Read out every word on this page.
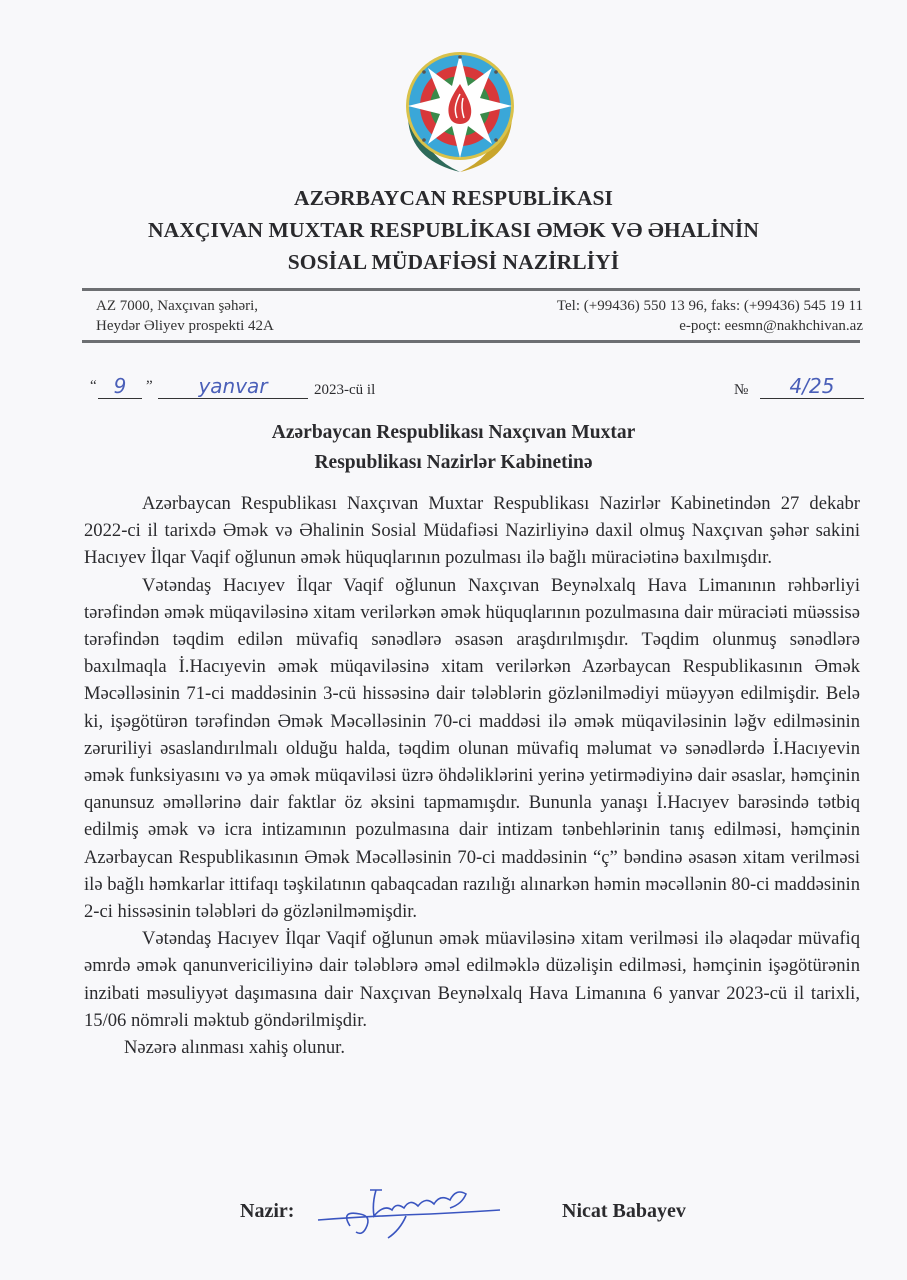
AZƏRBAYCAN RESPUBLİKASI
NAXÇIVAN MUXTAR RESPUBLİKASI ƏMƏK VƏ ƏHALİNİN
SOSİAL MÜDAFİƏSİ NAZİRLİYİ
AZ 7000, Naxçıvan şəhəri,
Heydər Əliyev prospekti 42A
Tel: (+99436) 550 13 96, faks: (+99436) 545 19 11
e-poçt: eesmn@nakhchivan.az
“ 9	”	yanvar	2023-cü il	№	4/25
Azərbaycan Respublikası Naxçıvan Muxtar
Respublikası Nazirlər Kabinetinə

Azərbaycan Respublikası Naxçıvan Muxtar Respublikası Nazirlər Kabinetindən 27 dekabr 2022-ci il tarixdə Əmək və Əhalinin Sosial Müdafiəsi Nazirliyinə daxil olmuş Naxçıvan şəhər sakini Hacıyev İlqar Vaqif oğlunun əmək hüquqlarının pozulması ilə bağlı müraciətinə baxılmışdır.

Vətəndaş Hacıyev İlqar Vaqif oğlunun Naxçıvan Beynəlxalq Hava Limanının rəhbərliyi tərəfindən əmək müqaviləsinə xitam verilərkən əmək hüquqlarının pozulmasına dair müraciəti müəssisə tərəfindən təqdim edilən müvafiq sənədlərə əsasən araşdırılmışdır. Təqdim olunmuş sənədlərə baxılmaqla İ.Hacıyevin əmək müqaviləsinə xitam verilərkən Azərbaycan Respublikasının Əmək Məcəlləsinin 71-ci maddəsinin 3-cü hissəsinə dair tələblərin gözlənilmədiyi müəyyən edilmişdir. Belə ki, işəgötürən tərəfindən Əmək Məcəlləsinin 70-ci maddəsi ilə əmək müqaviləsinin ləğv edilməsinin zəruriliyi əsaslandırılmalı olduğu halda, təqdim olunan müvafiq məlumat və sənədlərdə İ.Hacıyevin əmək funksiyasını və ya əmək müqaviləsi üzrə öhdəliklərini yerinə yetirmədiyinə dair əsaslar, həmçinin qanunsuz əməllərinə dair faktlar öz əksini tapmamışdır. Bununla yanaşı İ.Hacıyev barəsində tətbiq edilmiş əmək və icra intizamının pozulmasına dair intizam tənbehlərinin tanış edilməsi, həmçinin Azərbaycan Respublikasının Əmək Məcəlləsinin 70-ci maddəsinin “ç” bəndinə əsasən xitam verilməsi ilə bağlı həmkarlar ittifaqı təşkilatının qabaqcadan razılığı alınarkən həmin məcəllənin 80-ci maddəsinin 2-ci hissəsinin tələbləri də gözlənilməmişdir.

Vətəndaş Hacıyev İlqar Vaqif oğlunun əmək müaviləsinə xitam verilməsi ilə əlaqədar müvafiq əmrdə əmək qanunvericiliyinə dair tələblərə əməl edilməklə düzəlişin edilməsi, həmçinin işəgötürənin inzibati məsuliyyət daşımasına dair Naxçıvan Beynəlxalq Hava Limanına 6 yanvar 2023-cü il tarixli, 15/06 nömrəli məktub göndərilmişdir.

Nəzərə alınması xahiş olunur.

Nazir:	Nicat Babayev
